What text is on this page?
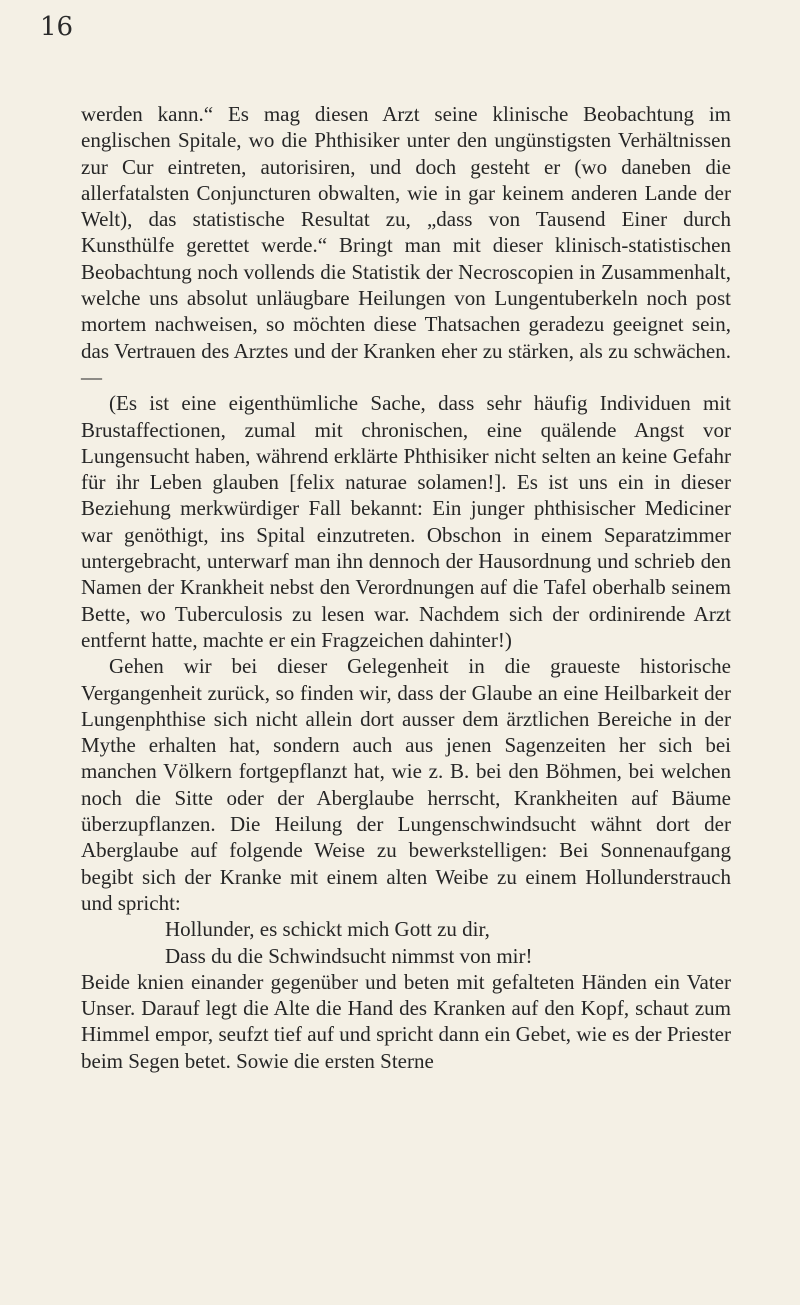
16

werden kann.“ Es mag diesen Arzt seine klinische Beobachtung im englischen Spitale, wo die Phthisiker unter den ungünstigsten Verhältnissen zur Cur eintreten, autorisiren, und doch gesteht er (wo daneben die allerfatalsten Conjuncturen obwalten, wie in gar keinem anderen Lande der Welt), das statistische Resultat zu, „dass von Tausend Einer durch Kunsthülfe gerettet werde.“ Bringt man mit dieser klinisch-statistischen Beobachtung noch vollends die Statistik der Necroscopien in Zusammenhalt, welche uns absolut unläugbare Heilungen von Lungentuberkeln noch post mortem nachweisen, so möchten diese Thatsachen geradezu geeignet sein, das Vertrauen des Arztes und der Kranken eher zu stärken, als zu schwächen. —

(Es ist eine eigenthümliche Sache, dass sehr häufig Individuen mit Brustaffectionen, zumal mit chronischen, eine quälende Angst vor Lungensucht haben, während erklärte Phthisiker nicht selten an keine Gefahr für ihr Leben glauben [felix naturae solamen!]. Es ist uns ein in dieser Beziehung merkwürdiger Fall bekannt: Ein junger phthisischer Mediciner war genöthigt, ins Spital einzutreten. Obschon in einem Separatzimmer untergebracht, unterwarf man ihn dennoch der Hausordnung und schrieb den Namen der Krankheit nebst den Verordnungen auf die Tafel oberhalb seinem Bette, wo Tuberculosis zu lesen war. Nachdem sich der ordinirende Arzt entfernt hatte, machte er ein Fragzeichen dahinter!)

Gehen wir bei dieser Gelegenheit in die graueste historische Vergangenheit zurück, so finden wir, dass der Glaube an eine Heilbarkeit der Lungenphthise sich nicht allein dort ausser dem ärztlichen Bereiche in der Mythe erhalten hat, sondern auch aus jenen Sagenzeiten her sich bei manchen Völkern fortgepflanzt hat, wie z. B. bei den Böhmen, bei welchen noch die Sitte oder der Aberglaube herrscht, Krankheiten auf Bäume überzupflanzen. Die Heilung der Lungenschwindsucht wähnt dort der Aberglaube auf folgende Weise zu bewerkstelligen: Bei Sonnenaufgang begibt sich der Kranke mit einem alten Weibe zu einem Hollunderstrauch und spricht:

Hollunder, es schickt mich Gott zu dir,
Dass du die Schwindsucht nimmst von mir!

Beide knien einander gegenüber und beten mit gefalteten Händen ein Vater Unser. Darauf legt die Alte die Hand des Kranken auf den Kopf, schaut zum Himmel empor, seufzt tief auf und spricht dann ein Gebet, wie es der Priester beim Segen betet. Sowie die ersten Sterne
